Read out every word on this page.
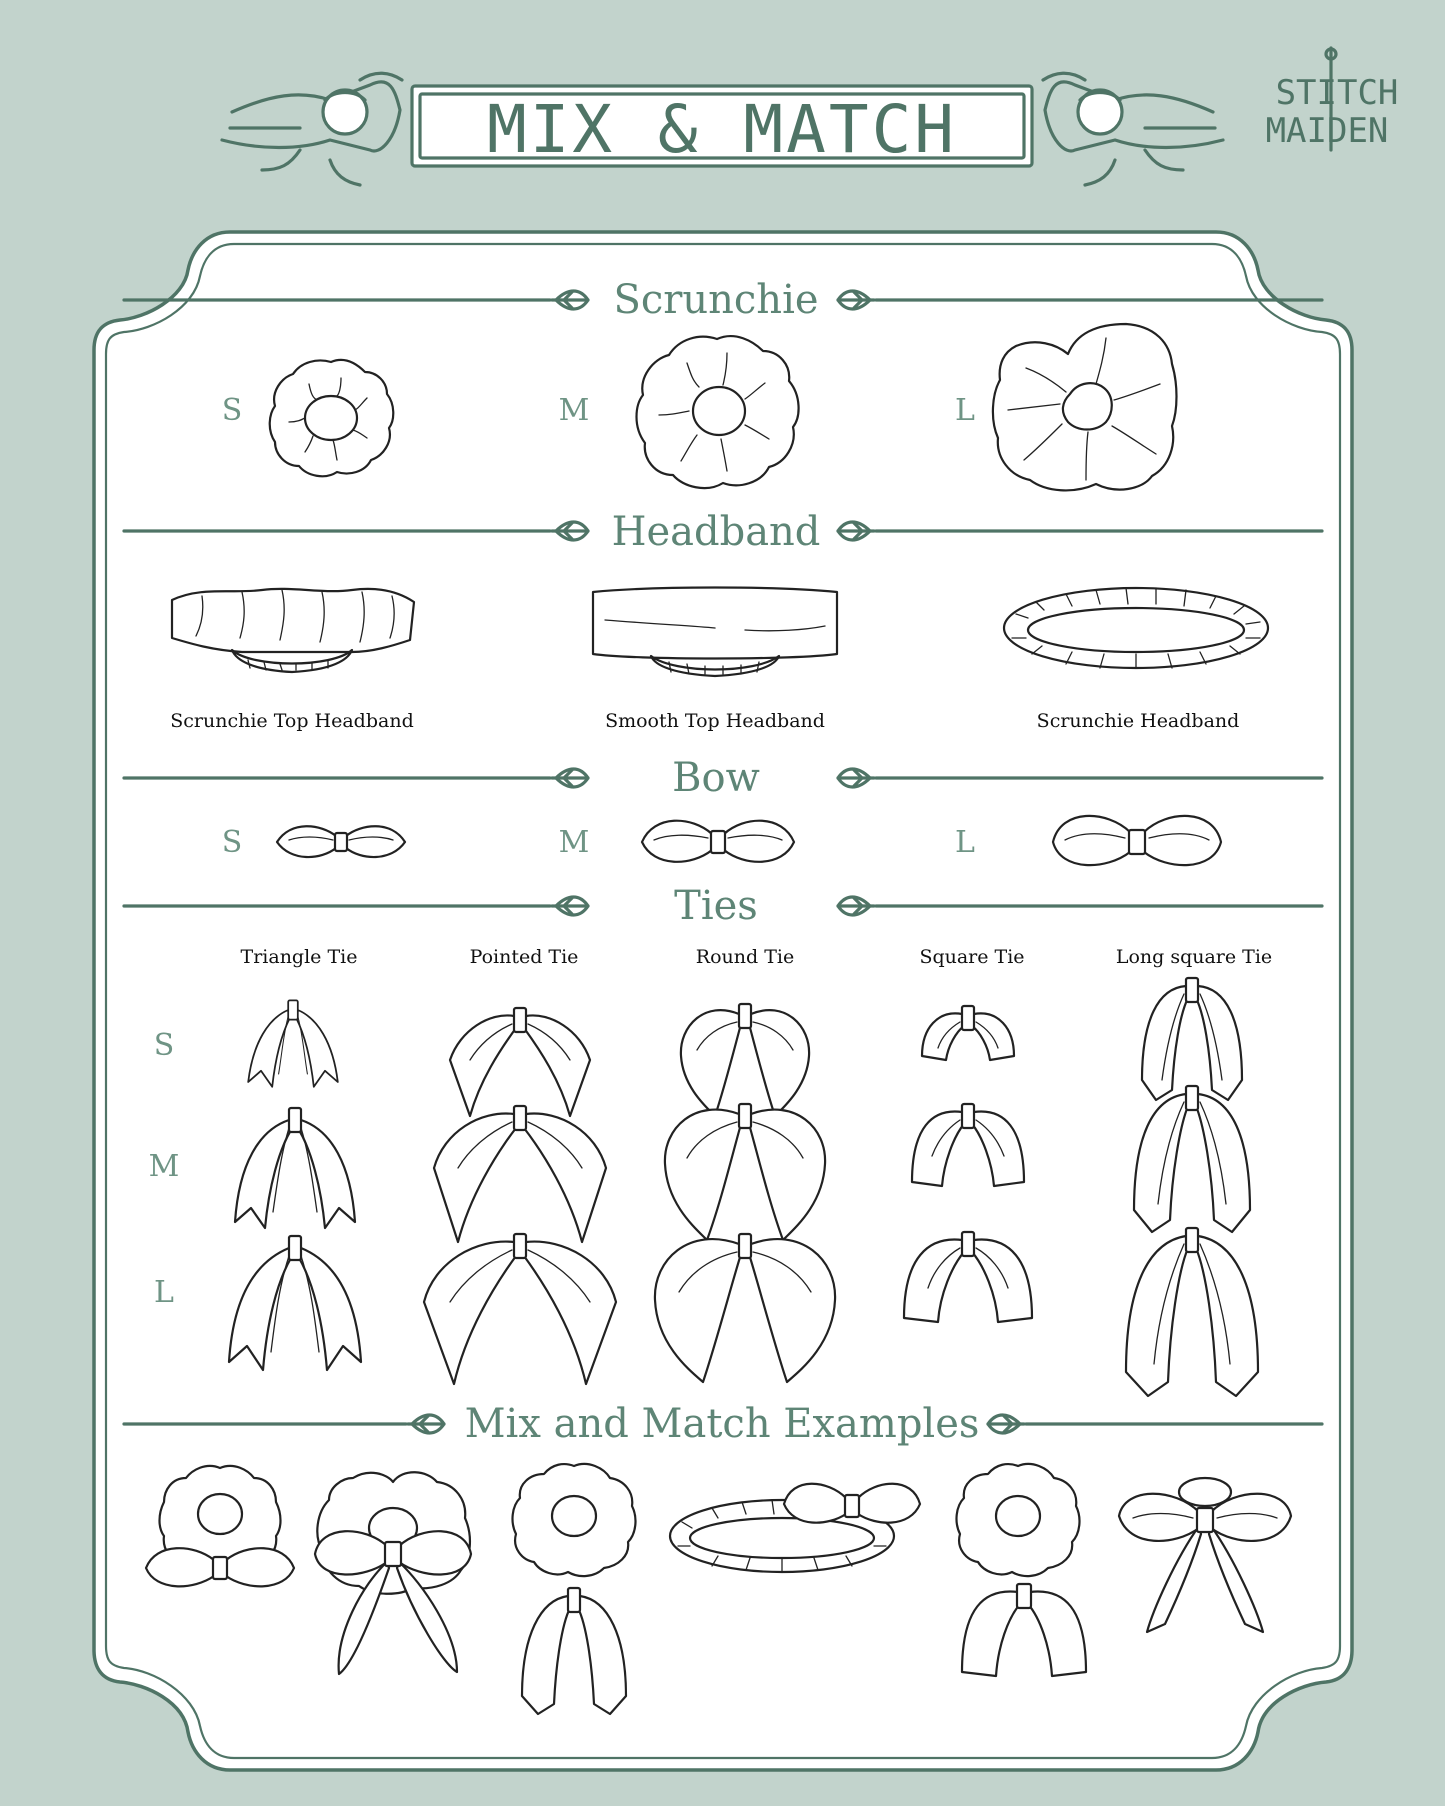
MIX & MATCH	STITCH
MAIDEN
Scrunchie
S	M	L
Headband
Scrunchie Top Headband	Smooth Top Headband	Scrunchie Headband
Bow
S	M	L
Ties
Triangle Tie	Pointed Tie	Round Tie	Square Tie	Long square Tie
S
M
L
Mix and Match Examples
